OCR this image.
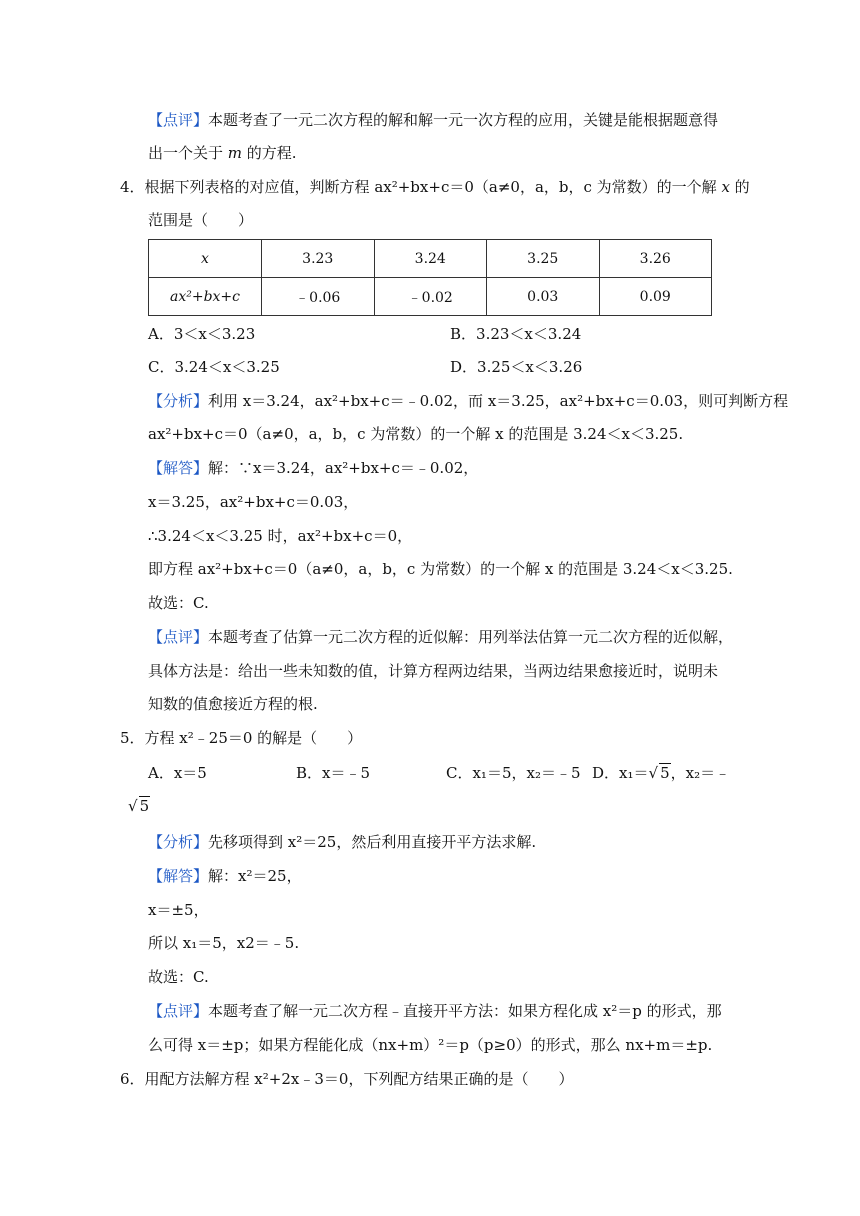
【点评】本题考查了一元二次方程的解和解一元一次方程的应用，关键是能根据题意得
出一个关于 m 的方程.
4．根据下列表格的对应值，判断方程 ax²+bx+c＝0（a≠0，a，b，c 为常数）的一个解 x 的
范围是（　　）
x	3.23	3.24	3.25	3.26
ax²+bx+c	﹣0.06	﹣0.02	0.03	0.09
A．3＜x＜3.23	B．3.23＜x＜3.24
C．3.24＜x＜3.25	D．3.25＜x＜3.26
【分析】利用 x＝3.24，ax²+bx+c＝﹣0.02，而 x＝3.25，ax²+bx+c＝0.03，则可判断方程
ax²+bx+c＝0（a≠0，a，b，c 为常数）的一个解 x 的范围是 3.24＜x＜3.25.
【解答】解：∵x＝3.24，ax²+bx+c＝﹣0.02，
x＝3.25，ax²+bx+c＝0.03，
∴3.24＜x＜3.25 时，ax²+bx+c＝0，
即方程 ax²+bx+c＝0（a≠0，a，b，c 为常数）的一个解 x 的范围是 3.24＜x＜3.25.
故选：C.
【点评】本题考查了估算一元二次方程的近似解：用列举法估算一元二次方程的近似解，
具体方法是：给出一些未知数的值，计算方程两边结果，当两边结果愈接近时，说明未
知数的值愈接近方程的根.
5．方程 x²﹣25＝0 的解是（　　）
A．x＝5	B．x＝﹣5	C．x₁＝5，x₂＝﹣5 D．x₁＝√ 5，x₂＝﹣
√ 5
【分析】先移项得到 x²＝25，然后利用直接开平方法求解.
【解答】解：x²＝25，
x＝±5，
所以 x₁＝5，x2＝﹣5.
故选：C.
【点评】本题考查了解一元二次方程﹣直接开平方法：如果方程化成 x²＝p 的形式，那
么可得 x＝±p；如果方程能化成（nx+m）²＝p（p≥0）的形式，那么 nx+m＝±p.
6．用配方法解方程 x²+2x﹣3＝0，下列配方结果正确的是（　　）
